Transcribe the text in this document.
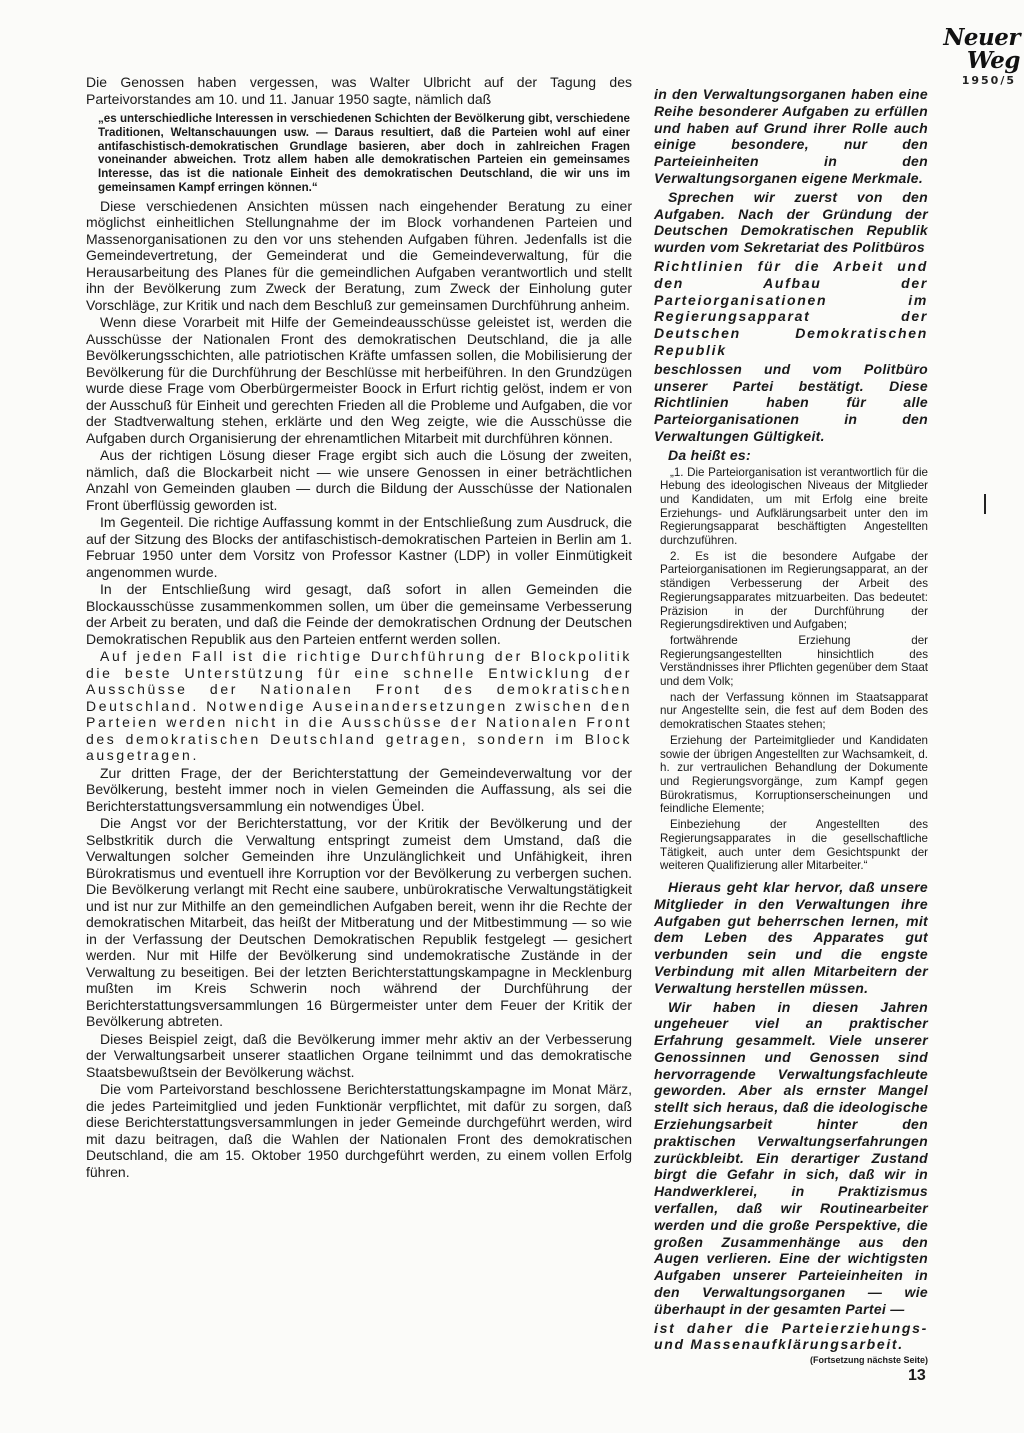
Neuer Weg
1950/5

Die Genossen haben vergessen, was Walter Ulbricht auf der Tagung des Parteivorstandes am 10. und 11. Januar 1950 sagte, nämlich daß

„es unterschiedliche Interessen in verschiedenen Schichten der Bevölkerung gibt, verschiedene Traditionen, Weltanschauungen usw. — Daraus resultiert, daß die Parteien wohl auf einer antifaschistisch-demokratischen Grundlage basieren, aber doch in zahlreichen Fragen voneinander abweichen. Trotz allem haben alle demokratischen Parteien ein gemeinsames Interesse, das ist die nationale Einheit des demokratischen Deutschland, die wir uns im gemeinsamen Kampf erringen können.“

Diese verschiedenen Ansichten müssen nach eingehender Beratung zu einer möglichst einheitlichen Stellungnahme der im Block vorhandenen Parteien und Massenorganisationen zu den vor uns stehenden Aufgaben führen. Jedenfalls ist die Gemeindevertretung, der Gemeinderat und die Gemeindeverwaltung, für die Herausarbeitung des Planes für die gemeindlichen Aufgaben verantwortlich und stellt ihn der Bevölkerung zum Zweck der Beratung, zum Zweck der Einholung guter Vorschläge, zur Kritik und nach dem Beschluß zur gemeinsamen Durchführung anheim.

Wenn diese Vorarbeit mit Hilfe der Gemeindeausschüsse geleistet ist, werden die Ausschüsse der Nationalen Front des demokratischen Deutschland, die ja alle Bevölkerungsschichten, alle patriotischen Kräfte umfassen sollen, die Mobilisierung der Bevölkerung für die Durchführung der Beschlüsse mit herbeiführen. In den Grundzügen wurde diese Frage vom Oberbürgermeister Boock in Erfurt richtig gelöst, indem er von der Ausschuß für Einheit und gerechten Frieden all die Probleme und Aufgaben, die vor der Stadtverwaltung stehen, erklärte und den Weg zeigte, wie die Ausschüsse die Aufgaben durch Organisierung der ehrenamtlichen Mitarbeit mit durchführen können.

Aus der richtigen Lösung dieser Frage ergibt sich auch die Lösung der zweiten, nämlich, daß die Blockarbeit nicht — wie unsere Genossen in einer beträchtlichen Anzahl von Gemeinden glauben — durch die Bildung der Ausschüsse der Nationalen Front überflüssig geworden ist.

Im Gegenteil. Die richtige Auffassung kommt in der Entschließung zum Ausdruck, die auf der Sitzung des Blocks der antifaschistisch-demokratischen Parteien in Berlin am 1. Februar 1950 unter dem Vorsitz von Professor Kastner (LDP) in voller Einmütigkeit angenommen wurde.

In der Entschließung wird gesagt, daß sofort in allen Gemeinden die Blockausschüsse zusammenkommen sollen, um über die gemeinsame Verbesserung der Arbeit zu beraten, und daß die Feinde der demokratischen Ordnung der Deutschen Demokratischen Republik aus den Parteien entfernt werden sollen.

Auf jeden Fall ist die richtige Durchführung der Blockpolitik die beste Unterstützung für eine schnelle Entwicklung der Ausschüsse der Nationalen Front des demokratischen Deutschland. Notwendige Auseinandersetzungen zwischen den Parteien werden nicht in die Ausschüsse der Nationalen Front des demokratischen Deutschland getragen, sondern im Block ausgetragen.

Zur dritten Frage, der der Berichterstattung der Gemeindeverwaltung vor der Bevölkerung, besteht immer noch in vielen Gemeinden die Auffassung, als sei die Berichterstattungsversammlung ein notwendiges Übel.

Die Angst vor der Berichterstattung, vor der Kritik der Bevölkerung und der Selbstkritik durch die Verwaltung entspringt zumeist dem Umstand, daß die Verwaltungen solcher Gemeinden ihre Unzulänglichkeit und Unfähigkeit, ihren Bürokratismus und eventuell ihre Korruption vor der Bevölkerung zu verbergen suchen. Die Bevölkerung verlangt mit Recht eine saubere, unbürokratische Verwaltungstätigkeit und ist nur zur Mithilfe an den gemeindlichen Aufgaben bereit, wenn ihr die Rechte der demokratischen Mitarbeit, das heißt der Mitberatung und der Mitbestimmung — so wie in der Verfassung der Deutschen Demokratischen Republik festgelegt — gesichert werden. Nur mit Hilfe der Bevölkerung sind undemokratische Zustände in der Verwaltung zu beseitigen. Bei der letzten Berichterstattungskampagne in Mecklenburg mußten im Kreis Schwerin noch während der Durchführung der Berichterstattungsversammlungen 16 Bürgermeister unter dem Feuer der Kritik der Bevölkerung abtreten.

Dieses Beispiel zeigt, daß die Bevölkerung immer mehr aktiv an der Verbesserung der Verwaltungsarbeit unserer staatlichen Organe teilnimmt und das demokratische Staatsbewußtsein der Bevölkerung wächst.

Die vom Parteivorstand beschlossene Berichterstattungskampagne im Monat März, die jedes Parteimitglied und jeden Funktionär verpflichtet, mit dafür zu sorgen, daß diese Berichterstattungsversammlungen in jeder Gemeinde durchgeführt werden, wird mit dazu beitragen, daß die Wahlen der Nationalen Front des demokratischen Deutschland, die am 15. Oktober 1950 durchgeführt werden, zu einem vollen Erfolg führen.

in den Verwaltungsorganen haben eine Reihe besonderer Aufgaben zu erfüllen und haben auf Grund ihrer Rolle auch einige besondere, nur den Parteieinheiten in den Verwaltungsorganen eigene Merkmale.

Sprechen wir zuerst von den Aufgaben. Nach der Gründung der Deutschen Demokratischen Republik wurden vom Sekretariat des Politbüros

Richtlinien für die Arbeit und den Aufbau der Parteiorganisationen im Regierungsapparat der Deutschen Demokratischen Republik

beschlossen und vom Politbüro unserer Partei bestätigt. Diese Richtlinien haben für alle Parteiorganisationen in den Verwaltungen Gültigkeit.

Da heißt es:

„1. Die Parteiorganisation ist verantwortlich für die Hebung des ideologischen Niveaus der Mitglieder und Kandidaten, um mit Erfolg eine breite Erziehungs- und Aufklärungsarbeit unter den im Regierungsapparat beschäftigten Angestellten durchzuführen.

2. Es ist die besondere Aufgabe der Parteiorganisationen im Regierungsapparat, an der ständigen Verbesserung der Arbeit des Regierungsapparates mitzuarbeiten. Das bedeutet: Präzision in der Durchführung der Regierungsdirektiven und Aufgaben;

fortwährende Erziehung der Regierungsangestellten hinsichtlich des Verständnisses ihrer Pflichten gegenüber dem Staat und dem Volk;

nach der Verfassung können im Staatsapparat nur Angestellte sein, die fest auf dem Boden des demokratischen Staates stehen;

Erziehung der Parteimitglieder und Kandidaten sowie der übrigen Angestellten zur Wachsamkeit, d. h. zur vertraulichen Behandlung der Dokumente und Regierungsvorgänge, zum Kampf gegen Bürokratismus, Korruptionserscheinungen und feindliche Elemente;

Einbeziehung der Angestellten des Regierungsapparates in die gesellschaftliche Tätigkeit, auch unter dem Gesichtspunkt der weiteren Qualifizierung aller Mitarbeiter.“

Hieraus geht klar hervor, daß unsere Mitglieder in den Verwaltungen ihre Aufgaben gut beherrschen lernen, mit dem Leben des Apparates gut verbunden sein und die engste Verbindung mit allen Mitarbeitern der Verwaltung herstellen müssen.

Wir haben in diesen Jahren ungeheuer viel an praktischer Erfahrung gesammelt. Viele unserer Genossinnen und Genossen sind hervorragende Verwaltungsfachleute geworden. Aber als ernster Mangel stellt sich heraus, daß die ideologische Erziehungsarbeit hinter den praktischen Verwaltungserfahrungen zurückbleibt. Ein derartiger Zustand birgt die Gefahr in sich, daß wir in Handwerklerei, in Praktizismus verfallen, daß wir Routinearbeiter werden und die große Perspektive, die großen Zusammenhänge aus den Augen verlieren. Eine der wichtigsten Aufgaben unserer Parteieinheiten in den Verwaltungsorganen — wie überhaupt in der gesamten Partei —

ist daher die Parteierziehungs- und Massenaufklärungsarbeit.

(Fortsetzung nächste Seite)
13
